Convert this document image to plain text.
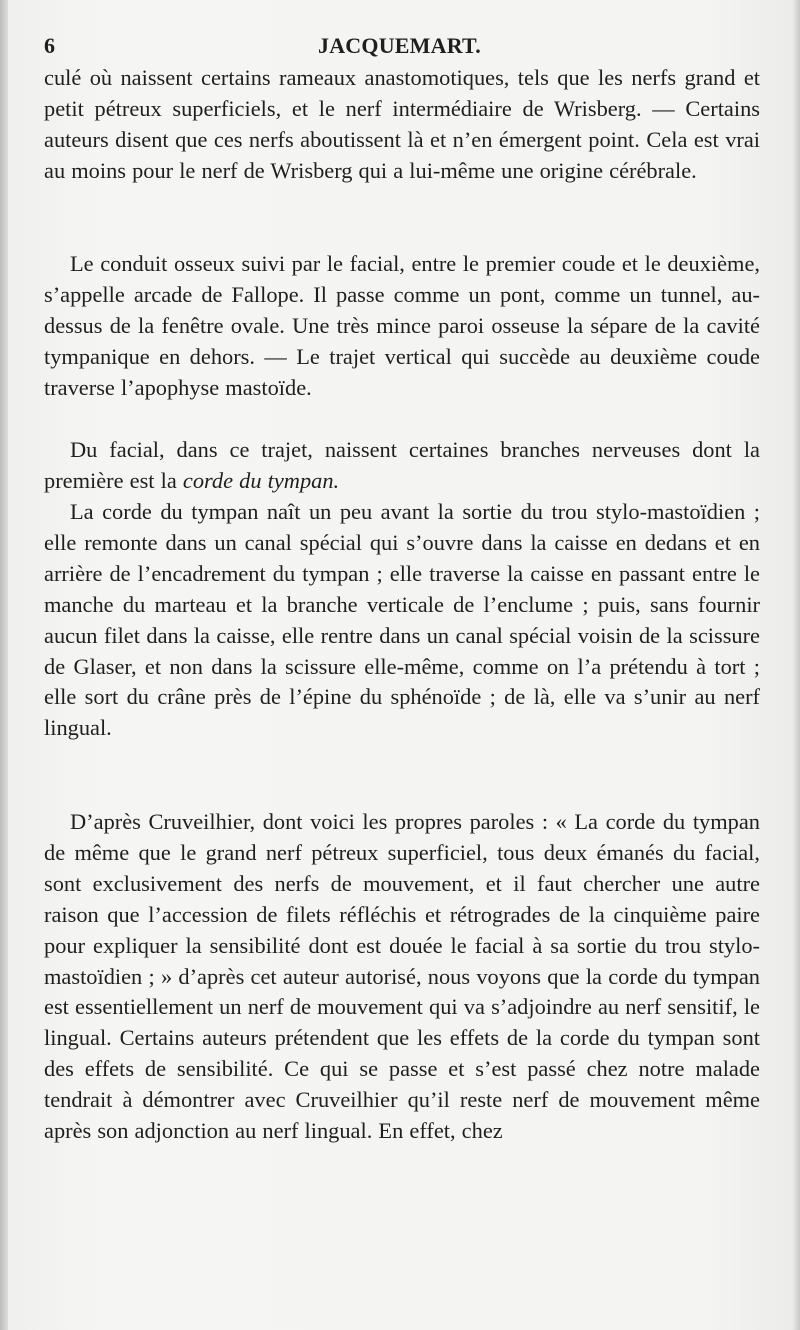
6	JACQUEMART.

culé où naissent certains rameaux anastomotiques, tels que les nerfs grand et petit pétreux superficiels, et le nerf intermédiaire de Wrisberg. — Certains auteurs disent que ces nerfs aboutissent là et n’en émergent point. Cela est vrai au moins pour le nerf de Wrisberg qui a lui-même une origine cérébrale.

Le conduit osseux suivi par le facial, entre le premier coude et le deuxième, s’appelle arcade de Fallope. Il passe comme un pont, comme un tunnel, au-dessus de la fenêtre ovale. Une très mince paroi osseuse la sépare de la cavité tympanique en dehors. — Le trajet vertical qui succède au deuxième coude traverse l’apophyse mastoïde.

Du facial, dans ce trajet, naissent certaines branches nerveuses dont la première est la corde du tympan.

La corde du tympan naît un peu avant la sortie du trou stylo-mastoïdien ; elle remonte dans un canal spécial qui s’ouvre dans la caisse en dedans et en arrière de l’encadrement du tympan ; elle traverse la caisse en passant entre le manche du marteau et la branche verticale de l’enclume ; puis, sans fournir aucun filet dans la caisse, elle rentre dans un canal spécial voisin de la scissure de Glaser, et non dans la scissure elle-même, comme on l’a prétendu à tort ; elle sort du crâne près de l’épine du sphénoïde ; de là, elle va s’unir au nerf lingual.

D’après Cruveilhier, dont voici les propres paroles : « La corde du tympan de même que le grand nerf pétreux superficiel, tous deux émanés du facial, sont exclusivement des nerfs de mouvement, et il faut chercher une autre raison que l’accession de filets réfléchis et rétrogrades de la cinquième paire pour expliquer la sensibilité dont est douée le facial à sa sortie du trou stylo-mastoïdien ; » d’après cet auteur autorisé, nous voyons que la corde du tympan est essentiellement un nerf de mouvement qui va s’adjoindre au nerf sensitif, le lingual. Certains auteurs prétendent que les effets de la corde du tympan sont des effets de sensibilité. Ce qui se passe et s’est passé chez notre malade tendrait à démontrer avec Cruveilhier qu’il reste nerf de mouvement même après son adjonction au nerf lingual. En effet, chez
